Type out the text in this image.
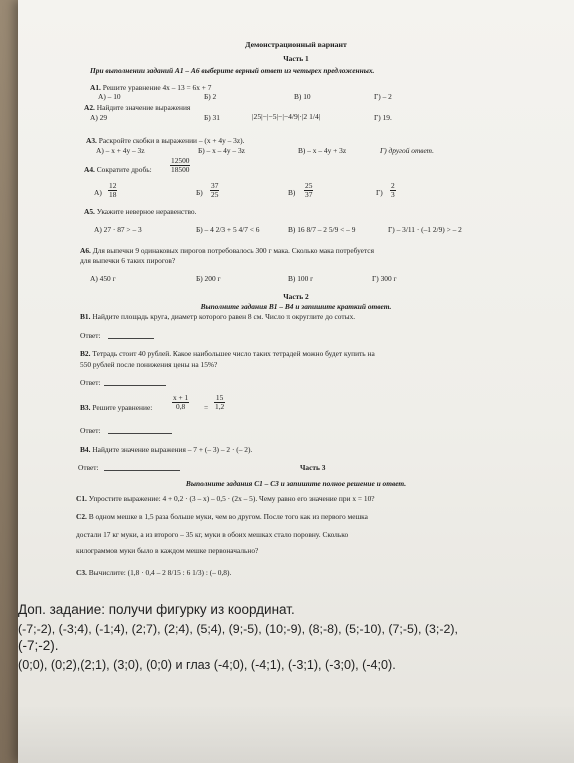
Демонстрационный вариант
Часть 1
При выполнении заданий А1 – А6 выберите верный ответ из четырех предложенных.
А1. Решите уравнение 4x – 13 = 6x + 7
А) – 10	Б) 2	В) 10	Г) – 2
А2. Найдите значение выражения
А) 29	Б) 31	|25|−|−5|−|−4/9|·|2 1/4|	Г) 19.
А3. Раскройте скобки в выражении – (x + 4y – 3z).
А) – x + 4y – 3z	Б) – x – 4y – 3z	В) – x – 4y + 3z	Г) другой ответ.
А4. Сократите дробь: $\frac{12500}{18500}$
$А) \frac{12}{18}$	$Б) \frac{37}{25}$	$В) \frac{25}{37}$	$Г) \frac{2}{3}$
А5. Укажите неверное неравенство.
А) 27 · 87 > – 3	Б) – 4 2/3 + 5 4/7 < 6	В) 16 8/7 – 2 5/9 < – 9	Г) – 3/11 · (–1 2/9) > – 2
А6. Для выпечки 9 одинаковых пирогов потребовалось 300 г мака. Сколько мака потребуется
для выпечки 6 таких пирогов?
А) 450 г	Б) 200 г	В) 100 г	Г) 300 г
Часть 2
Выполните задания В1 – В4 и запишите краткий ответ.
В1. Найдите площадь круга, диаметр которого равен 8 см. Число π округлите до сотых.
Ответ:
В2. Тетрадь стоит 40 рублей. Какое наибольшее число таких тетрадей можно будет купить на
550 рублей после понижения цены на 15%?
Ответ:
В3. Решите уравнение:	$\frac{x + 1}{0,8} = \frac{15}{1,2}$
Ответ:
В4. Найдите значение выражения – 7 + (– 3) – 2 · (– 2).
Ответ:	Часть 3
Выполните задания С1 – С3 и запишите полное решение и ответ.
С1. Упростите выражение: 4 + 0,2 · (3 – x) – 0,5 · (2x – 5). Чему равно его значение при x = 10?
С2. В одном мешке в 1,5 раза больше муки, чем во другом. После того как из первого мешка
достали 17 кг муки, а из второго – 35 кг, муки в обоих мешках стало поровну. Сколько
килограммов муки было в каждом мешке первоначально?
С3. Вычислите: (1,8 · 0,4 – 2 8/15 : 6 1/3) : (– 0,8).
Доп. задание: получи фигурку из координат.
(-7;-2), (-3;4), (-1;4), (2;7), (2;4), (5;4), (9;-5), (10;-9), (8;-8), (5;-10), (7;-5), (3;-2),
(-7;-2).
(0;0), (0;2),(2;1), (3;0), (0;0) и глаз (-4;0), (-4;1), (-3;1), (-3;0), (-4;0).
